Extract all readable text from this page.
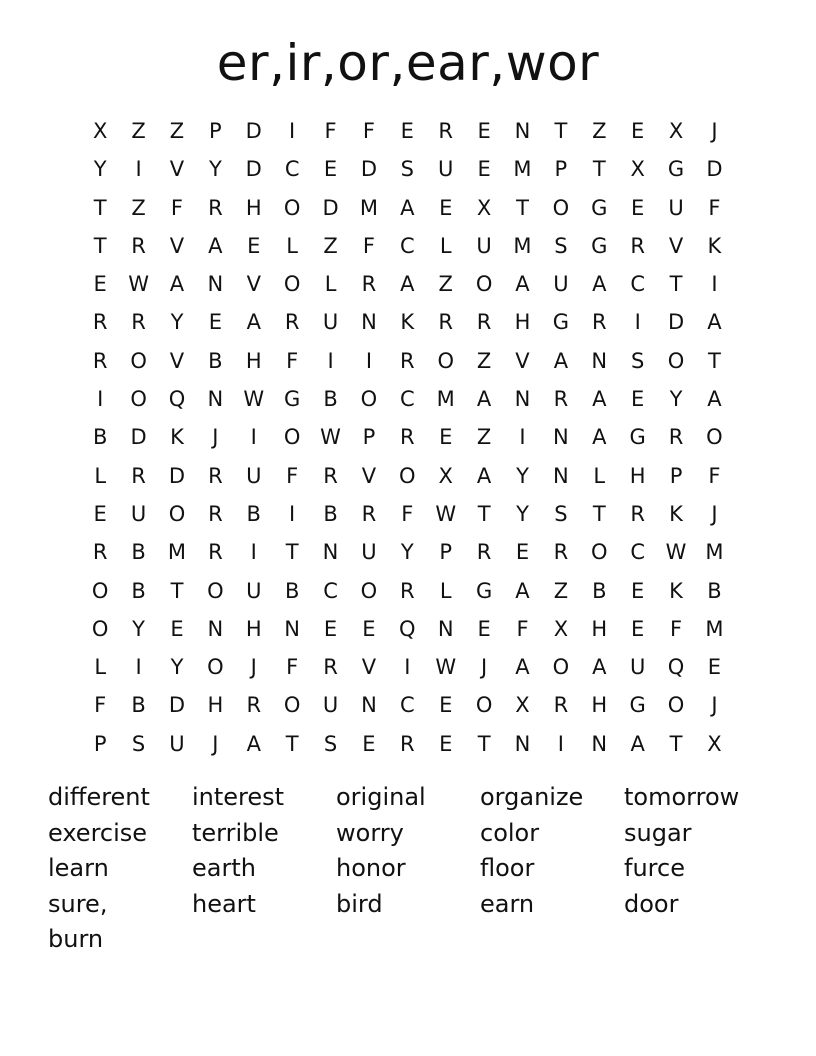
er,ir,or,ear,wor
X	Z	Z	P	D	I	F	F	E	R	E	N	T	Z	E	X	J
Y	I	V	Y	D	C	E	D	S	U	E	M	P	T	X	G	D
T	Z	F	R	H	O	D	M	A	E	X	T	O	G	E	U	F
T	R	V	A	E	L	Z	F	C	L	U	M	S	G	R	V	K
E	W A	N	V	O	L	R	A	Z	O	A	U	A	C	T	I
R	R	Y	E	A	R	U	N	K	R	R	H	G	R	I	D	A
R	O	V	B	H	F	I	I	R	O	Z	V	A	N	S	O	T
I	O	Q	N W G	B	O	C	M	A	N	R	A	E	Y	A
B	D	K	J	I	O W	P	R	E	Z	I	N	A	G	R	O
L	R	D	R	U	F	R	V	O	X	A	Y	N	L	H	P	F
E	U	O	R	B	I	B	R	F	W	T	Y	S	T	R	K	J
R	B	M	R	I	T	N	U	Y	P	R	E	R	O	C W M
O	B	T	O	U	B	C	O	R	L	G	A	Z	B	E	K	B
O	Y	E	N	H	N	E	E	Q	N	E	F	X	H	E	F	M
L	I	Y	O	J	F	R	V	I	W	J	A	O	A	U	Q	E
F	B	D	H	R	O	U	N	C	E	O	X	R	H	G	O	J
P	S	U	J	A	T	S	E	R	E	T	N	I	N	A	T	X
different	interest	original	organize	tomorrow
exercise	terrible	worry	color	sugar
learn	earth	honor	floor	furce
sure,	heart	bird	earn	door
burn
